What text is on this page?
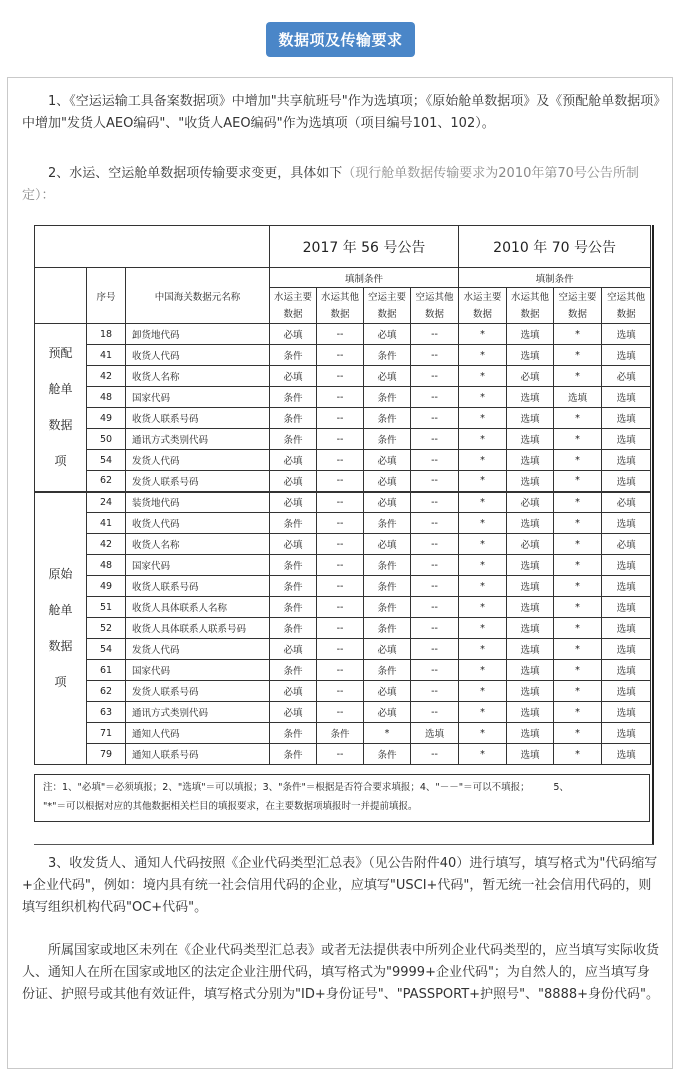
数据项及传输要求

1、《空运运输工具备案数据项》中增加"共享航班号"作为选填项；《原始舱单数据项》及《预配舱单数据项》中增加"发货人AEO编码"、"收货人AEO编码"作为选填项（项目编号101、102）。

2、水运、空运舱单数据项传输要求变更，具体如下（现行舱单数据传输要求为2010年第70号公告所制定）：

			2017 年 56 号公告				2010 年 70 号公告			
	序号	中国海关数据元名称	填制条件				填制条件			
			水运主要数据	水运其他数据	空运主要数据	空运其他数据	水运主要数据	水运其他数据	空运主要数据	空运其他数据

预配
舱单
数据
项	18	卸货地代码	必填	--	必填	--	*	选填	*	选填
	41	收货人代码	条件	--	条件	--	*	选填	*	选填
	42	收货人名称	必填	--	必填	--	*	必填	*	必填
	48	国家代码	条件	--	条件	--	*	选填	选填	选填
	49	收货人联系号码	条件	--	条件	--	*	选填	*	选填
	50	通讯方式类别代码	条件	--	条件	--	*	选填	*	选填
	54	发货人代码	必填	--	必填	--	*	选填	*	选填
	62	发货人联系号码	必填	--	必填	--	*	选填	*	选填

原始
舱单
数据
项	24	装货地代码	必填	--	必填	--	*	必填	*	必填
	41	收货人代码	条件	--	条件	--	*	选填	*	选填
	42	收货人名称	必填	--	必填	--	*	必填	*	必填
	48	国家代码	条件	--	条件	--	*	选填	*	选填
	49	收货人联系号码	条件	--	条件	--	*	选填	*	选填
	51	收货人具体联系人名称	条件	--	条件	--	*	选填	*	选填
	52	收货人具体联系人联系号码	条件	--	条件	--	*	选填	*	选填
	54	发货人代码	必填	--	必填	--	*	选填	*	选填
	61	国家代码	条件	--	条件	--	*	选填	*	选填
	62	发货人联系号码	必填	--	必填	--	*	选填	*	选填
	63	通讯方式类别代码	必填	--	必填	--	*	选填	*	选填
	71	通知人代码	条件	条件	*	选填	*	选填	*	选填
	79	通知人联系号码	条件	--	条件	--	*	选填	*	选填
注：1、"必填"＝必须填报；2、"选填"＝可以填报；3、"条件"＝根据是否符合要求填报；4、"－－"＝可以不填报；　　　5、
"*"＝可以根据对应的其他数据相关栏目的填报要求，在主要数据项填报时一并提前填报。

3、收发货人、通知人代码按照《企业代码类型汇总表》（见公告附件40）进行填写，填写格式为"代码缩写+企业代码"，例如：境内具有统一社会信用代码的企业，应填写"USCI+代码"，暂无统一社会信用代码的，则填写组织机构代码"OC+代码"。

所属国家或地区未列在《企业代码类型汇总表》或者无法提供表中所列企业代码类型的，应当填写实际收货人、通知人在所在国家或地区的法定企业注册代码，填写格式为"9999+企业代码"；为自然人的，应当填写身份证、护照号或其他有效证件，填写格式分别为"ID+身份证号"、"PASSPORT+护照号"、"8888+身份代码"。
